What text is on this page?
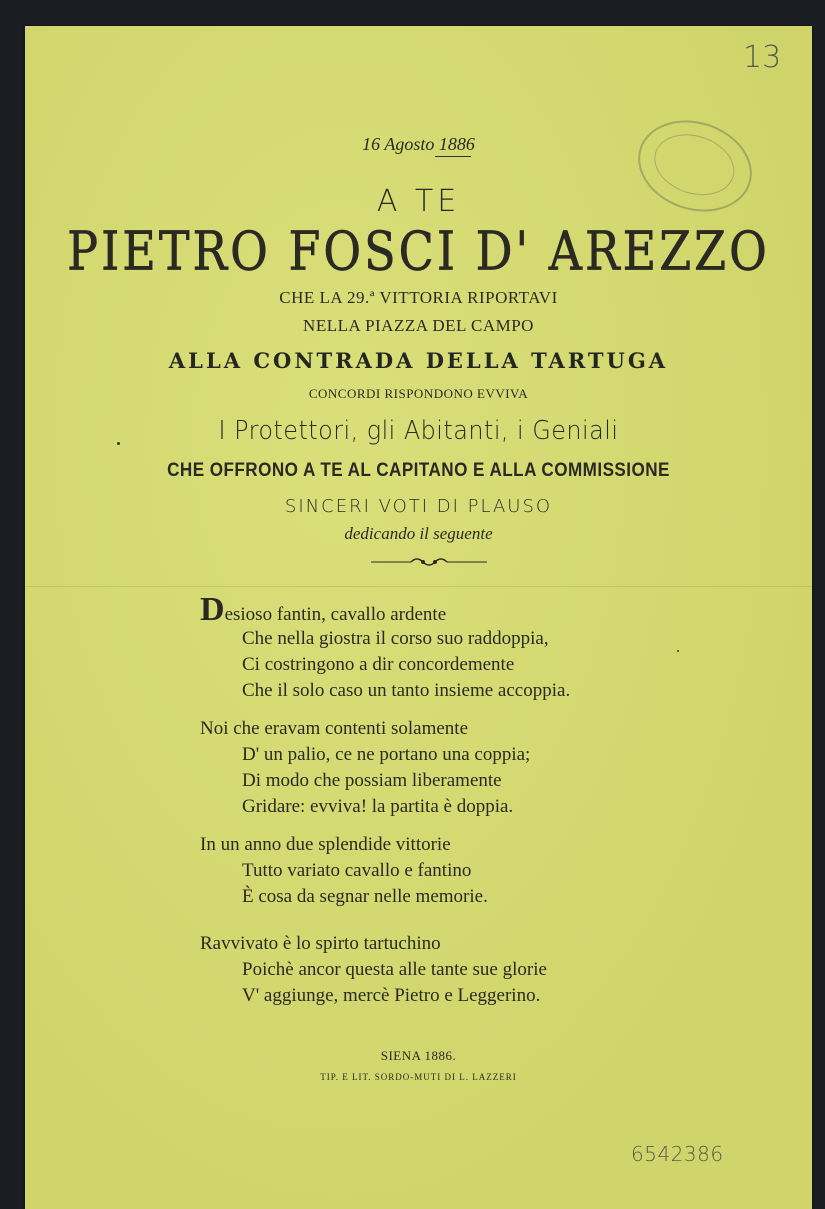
13
16 Agosto 1886
A TE
PIETRO FOSCI D' AREZZO
CHE LA 29.ª VITTORIA RIPORTAVI
NELLA PIAZZA DEL CAMPO
ALLA CONTRADA DELLA TARTUGA
CONCORDI RISPONDONO EVVIVA
I Protettori, gli Abitanti, i Geniali
CHE OFFRONO A TE AL CAPITANO E ALLA COMMISSIONE
SINCERI VOTI DI PLAUSO
dedicando il seguente
Desioso fantin, cavallo ardente
Che nella giostra il corso suo raddoppia,
Ci costringono a dir concordemente
Che il solo caso un tanto insieme accoppia.
Noi che eravam contenti solamente
D' un palio, ce ne portano una coppia;
Di modo che possiam liberamente
Gridare: evviva! la partita è doppia.
In un anno due splendide vittorie
Tutto variato cavallo e fantino
È cosa da segnar nelle memorie.
Ravvivato è lo spirto tartuchino
Poichè ancor questa alle tante sue glorie
V' aggiunge, mercè Pietro e Leggerino.
SIENA 1886.
TIP. E LIT. SORDO-MUTI DI L. LAZZERI
6542386
